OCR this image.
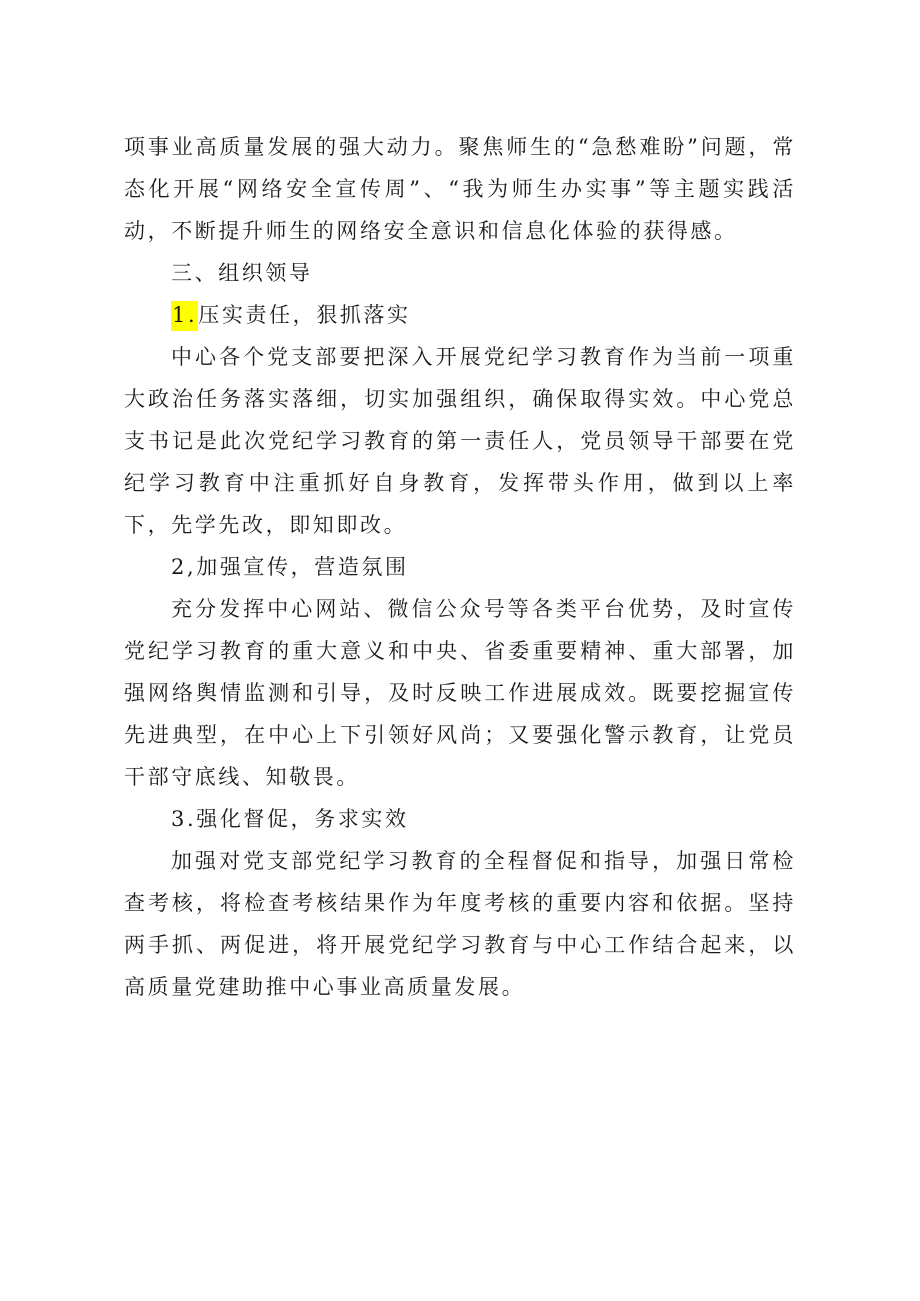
项事业高质量发展的强大动力。聚焦师生的“急愁难盼”问题，常态化开展“网络安全宣传周”、“我为师生办实事”等主题实践活动，不断提升师生的网络安全意识和信息化体验的获得感。

三、组织领导

1.压实责任，狠抓落实

中心各个党支部要把深入开展党纪学习教育作为当前一项重大政治任务落实落细，切实加强组织，确保取得实效。中心党总支书记是此次党纪学习教育的第一责任人，党员领导干部要在党纪学习教育中注重抓好自身教育，发挥带头作用，做到以上率下，先学先改，即知即改。

2,加强宣传，营造氛围

充分发挥中心网站、微信公众号等各类平台优势，及时宣传党纪学习教育的重大意义和中央、省委重要精神、重大部署，加强网络舆情监测和引导，及时反映工作进展成效。既要挖掘宣传先进典型，在中心上下引领好风尚；又要强化警示教育，让党员干部守底线、知敬畏。

3.强化督促，务求实效

加强对党支部党纪学习教育的全程督促和指导，加强日常检查考核，将检查考核结果作为年度考核的重要内容和依据。坚持两手抓、两促进，将开展党纪学习教育与中心工作结合起来，以高质量党建助推中心事业高质量发展。
